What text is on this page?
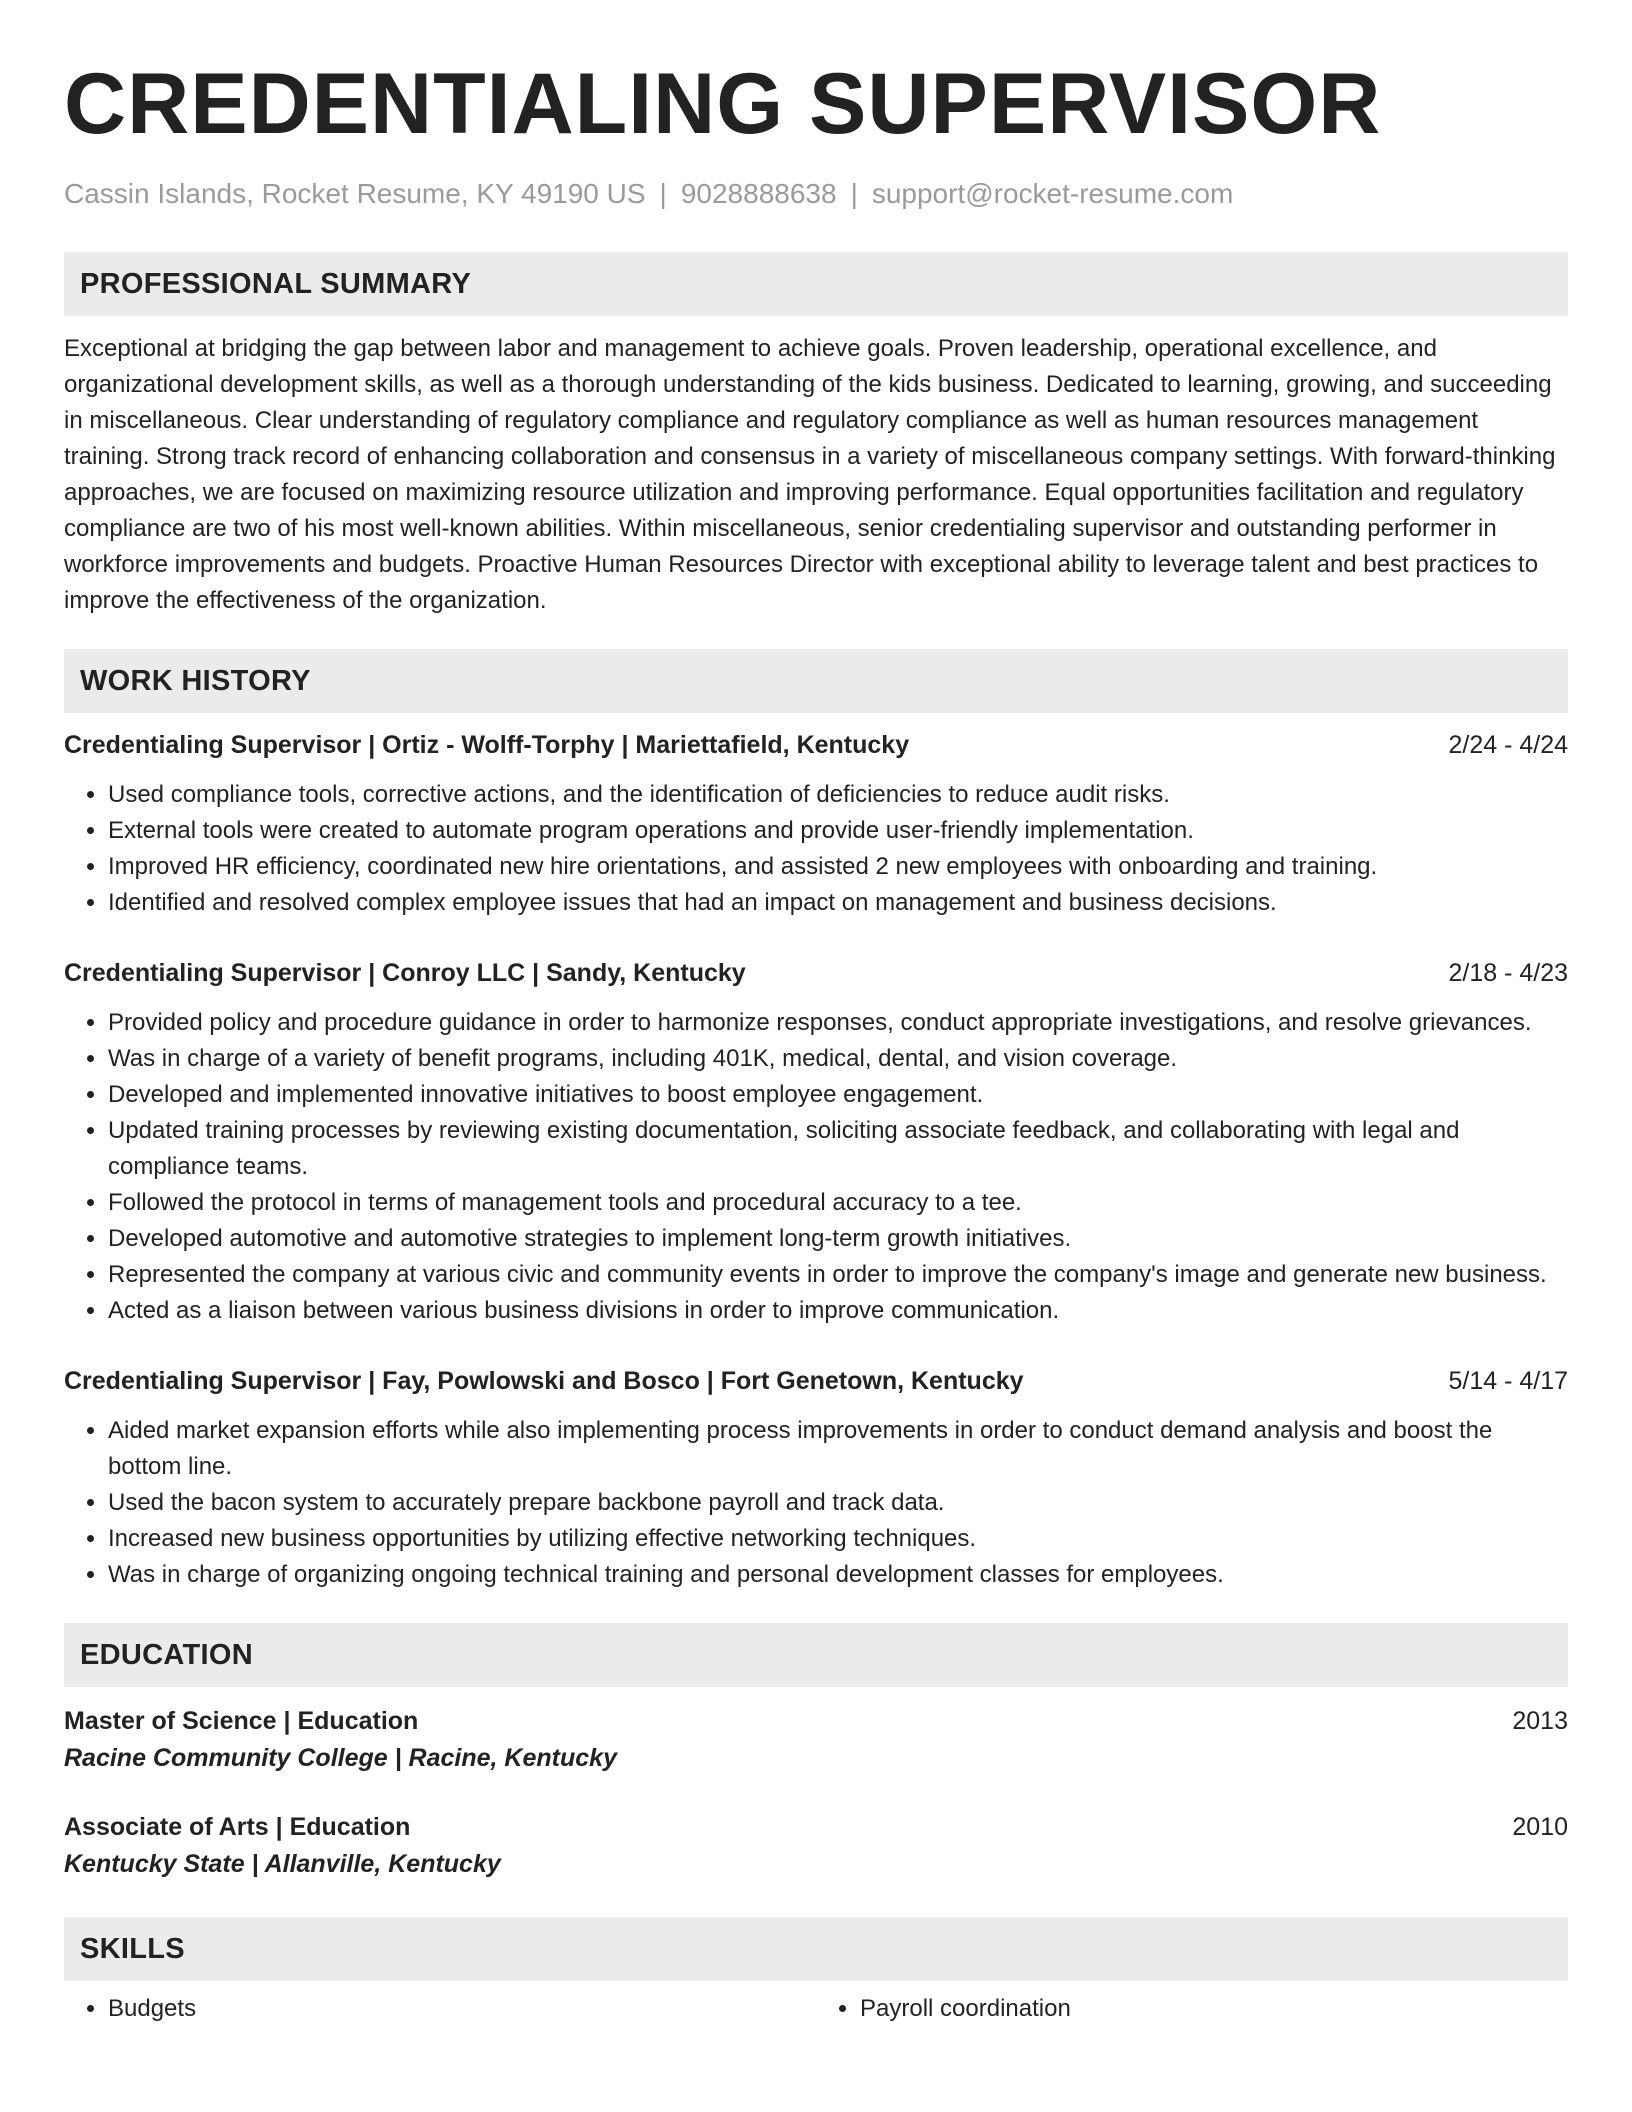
CREDENTIALING SUPERVISOR
Cassin Islands, Rocket Resume, KY 49190 US | 9028888638 | support@rocket-resume.com
PROFESSIONAL SUMMARY

Exceptional at bridging the gap between labor and management to achieve goals. Proven leadership, operational excellence, and organizational development skills, as well as a thorough understanding of the kids business. Dedicated to learning, growing, and succeeding in miscellaneous. Clear understanding of regulatory compliance and regulatory compliance as well as human resources management training. Strong track record of enhancing collaboration and consensus in a variety of miscellaneous company settings. With forward-thinking approaches, we are focused on maximizing resource utilization and improving performance. Equal opportunities facilitation and regulatory compliance are two of his most well-known abilities. Within miscellaneous, senior credentialing supervisor and outstanding performer in workforce improvements and budgets. Proactive Human Resources Director with exceptional ability to leverage talent and best practices to improve the effectiveness of the organization.

WORK HISTORY
Credentialing Supervisor | Ortiz - Wolff-Torphy | Mariettafield, Kentucky	2/24 - 4/24
• Used compliance tools, corrective actions, and the identification of deficiencies to reduce audit risks.
• External tools were created to automate program operations and provide user-friendly implementation.
• Improved HR efficiency, coordinated new hire orientations, and assisted 2 new employees with onboarding and training.
• Identified and resolved complex employee issues that had an impact on management and business decisions.
Credentialing Supervisor | Conroy LLC | Sandy, Kentucky	2/18 - 4/23
• Provided policy and procedure guidance in order to harmonize responses, conduct appropriate investigations, and resolve grievances.
• Was in charge of a variety of benefit programs, including 401K, medical, dental, and vision coverage.
• Developed and implemented innovative initiatives to boost employee engagement.
• Updated training processes by reviewing existing documentation, soliciting associate feedback, and collaborating with legal and compliance teams.
• Followed the protocol in terms of management tools and procedural accuracy to a tee.
• Developed automotive and automotive strategies to implement long-term growth initiatives.
• Represented the company at various civic and community events in order to improve the company's image and generate new business.
• Acted as a liaison between various business divisions in order to improve communication.
Credentialing Supervisor | Fay, Powlowski and Bosco | Fort Genetown, Kentucky	5/14 - 4/17
• Aided market expansion efforts while also implementing process improvements in order to conduct demand analysis and boost the bottom line.
• Used the bacon system to accurately prepare backbone payroll and track data.
• Increased new business opportunities by utilizing effective networking techniques.
• Was in charge of organizing ongoing technical training and personal development classes for employees.
EDUCATION
Master of Science | Education	2013
Racine Community College | Racine, Kentucky
Associate of Arts | Education	2010
Kentucky State | Allanville, Kentucky
SKILLS
• Budgets
•	Payroll coordination
